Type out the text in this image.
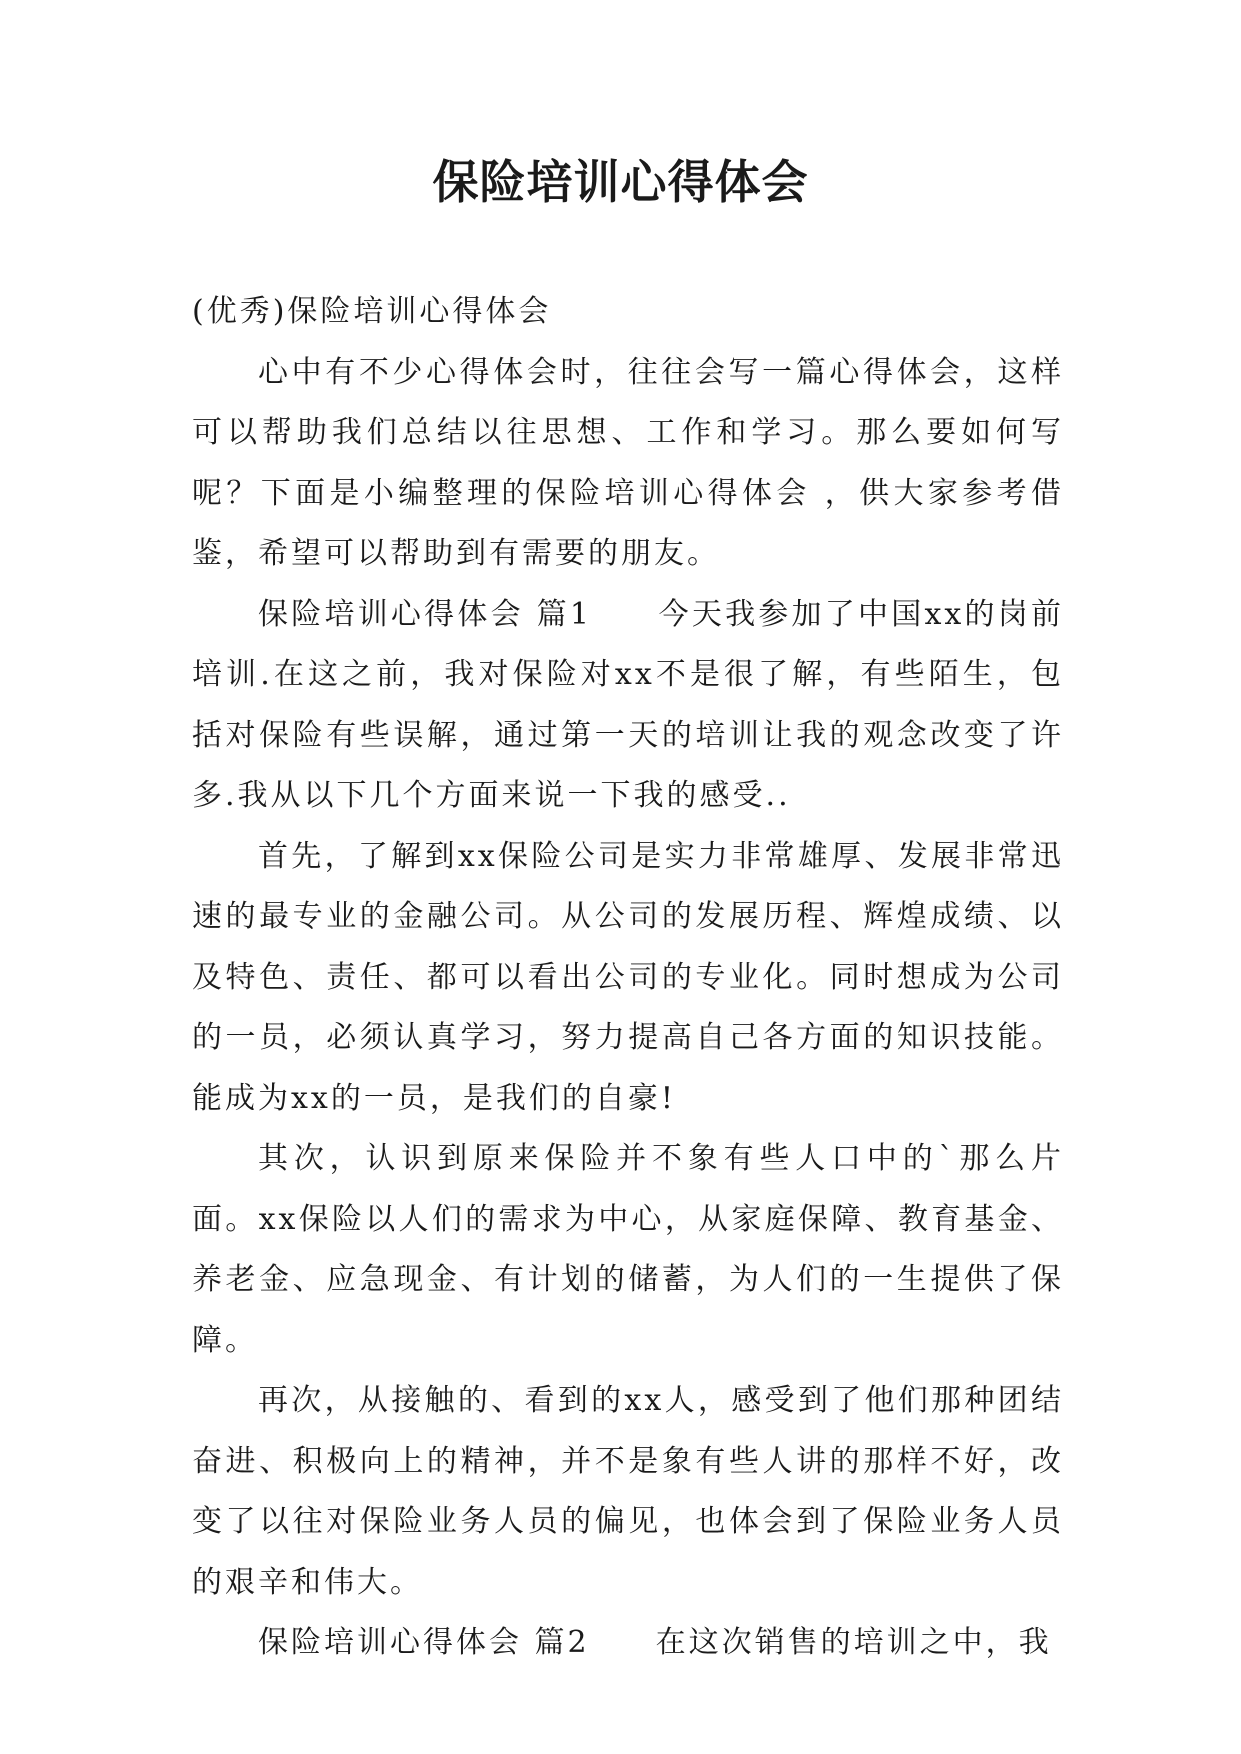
保险培训心得体会

(优秀)保险培训心得体会

心中有不少心得体会时，往往会写一篇心得体会，这样可以帮助我们总结以往思想、工作和学习。那么要如何写呢？下面是小编整理的保险培训心得体会 ，供大家参考借鉴，希望可以帮助到有需要的朋友。

保险培训心得体会 篇1　　今天我参加了中国xx的岗前培训.在这之前，我对保险对xx不是很了解，有些陌生，包括对保险有些误解，通过第一天的培训让我的观念改变了许多.我从以下几个方面来说一下我的感受..

首先，了解到xx保险公司是实力非常雄厚、发展非常迅速的最专业的金融公司。从公司的发展历程、辉煌成绩、以及特色、责任、都可以看出公司的专业化。同时想成为公司的一员，必须认真学习，努力提高自己各方面的知识技能。能成为xx的一员，是我们的自豪!

其次，认识到原来保险并不象有些人口中的`那么片面。xx保险以人们的需求为中心，从家庭保障、教育基金、养老金、应急现金、有计划的储蓄，为人们的一生提供了保障。

再次，从接触的、看到的xx人，感受到了他们那种团结奋进、积极向上的精神，并不是象有些人讲的那样不好，改变了以往对保险业务人员的偏见，也体会到了保险业务人员的艰辛和伟大。

保险培训心得体会 篇2　　在这次销售的培训之中，我
